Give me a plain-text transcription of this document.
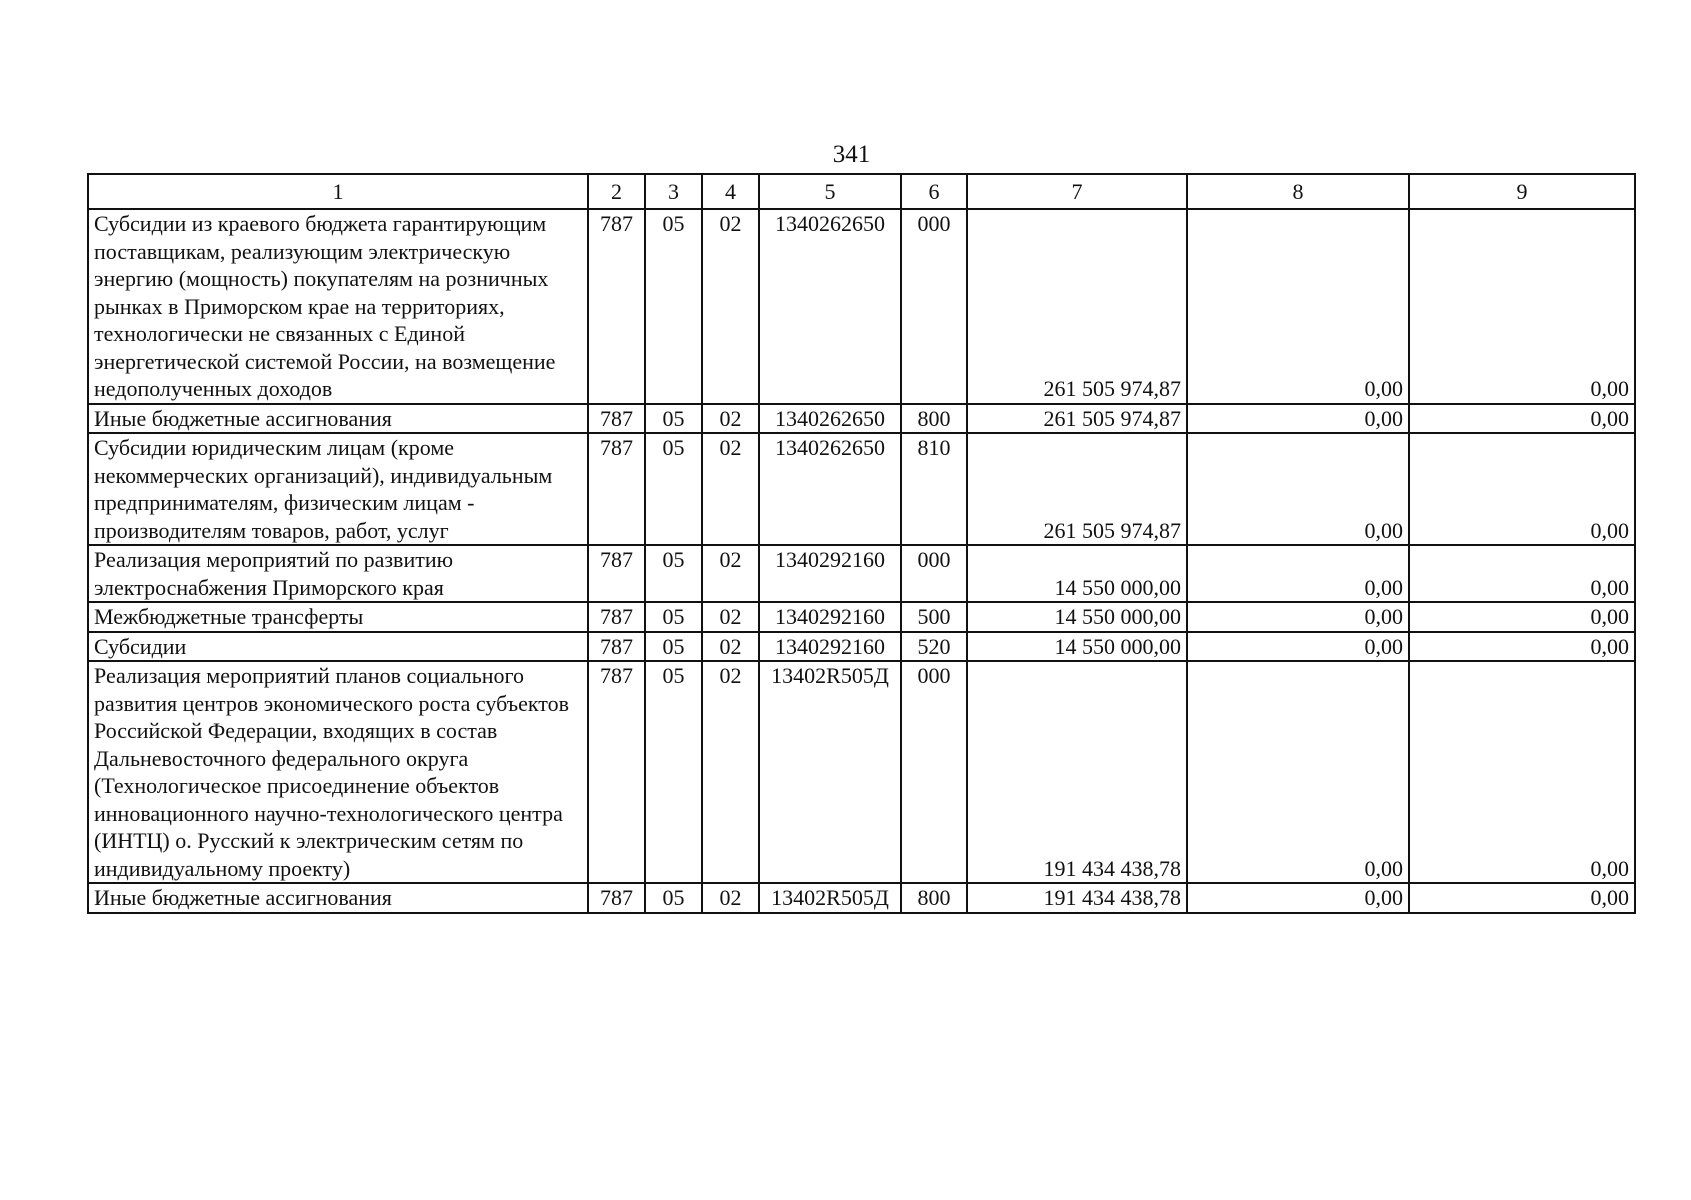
341
1	2	3	4	5	6	7	8	9
Субсидии из краевого бюджета гарантирующим поставщикам, реализующим электрическую энергию (мощность) покупателям на розничных рынках в Приморском крае на территориях, технологически не связанных с Единой энергетической системой России, на возмещение недополученных доходов	787	05	02	1340262650	000	261 505 974,87	0,00	0,00
Иные бюджетные ассигнования	787	05	02	1340262650	800	261 505 974,87	0,00	0,00
Субсидии юридическим лицам (кроме некоммерческих организаций), индивидуальным предпринимателям, физическим лицам - производителям товаров, работ, услуг	787	05	02	1340262650	810	261 505 974,87	0,00	0,00
Реализация мероприятий по развитию электроснабжения Приморского края	787	05	02	1340292160	000	14 550 000,00	0,00	0,00
Межбюджетные трансферты	787	05	02	1340292160	500	14 550 000,00	0,00	0,00
Субсидии	787	05	02	1340292160	520	14 550 000,00	0,00	0,00
Реализация мероприятий планов социального развития центров экономического роста субъектов Российской Федерации, входящих в состав Дальневосточного федерального округа (Технологическое присоединение объектов инновационного научно-технологического центра (ИНТЦ) о. Русский к электрическим сетям по индивидуальному проекту)	787	05	02	13402R505Д	000	191 434 438,78	0,00	0,00
Иные бюджетные ассигнования	787	05	02	13402R505Д	800	191 434 438,78	0,00	0,00
